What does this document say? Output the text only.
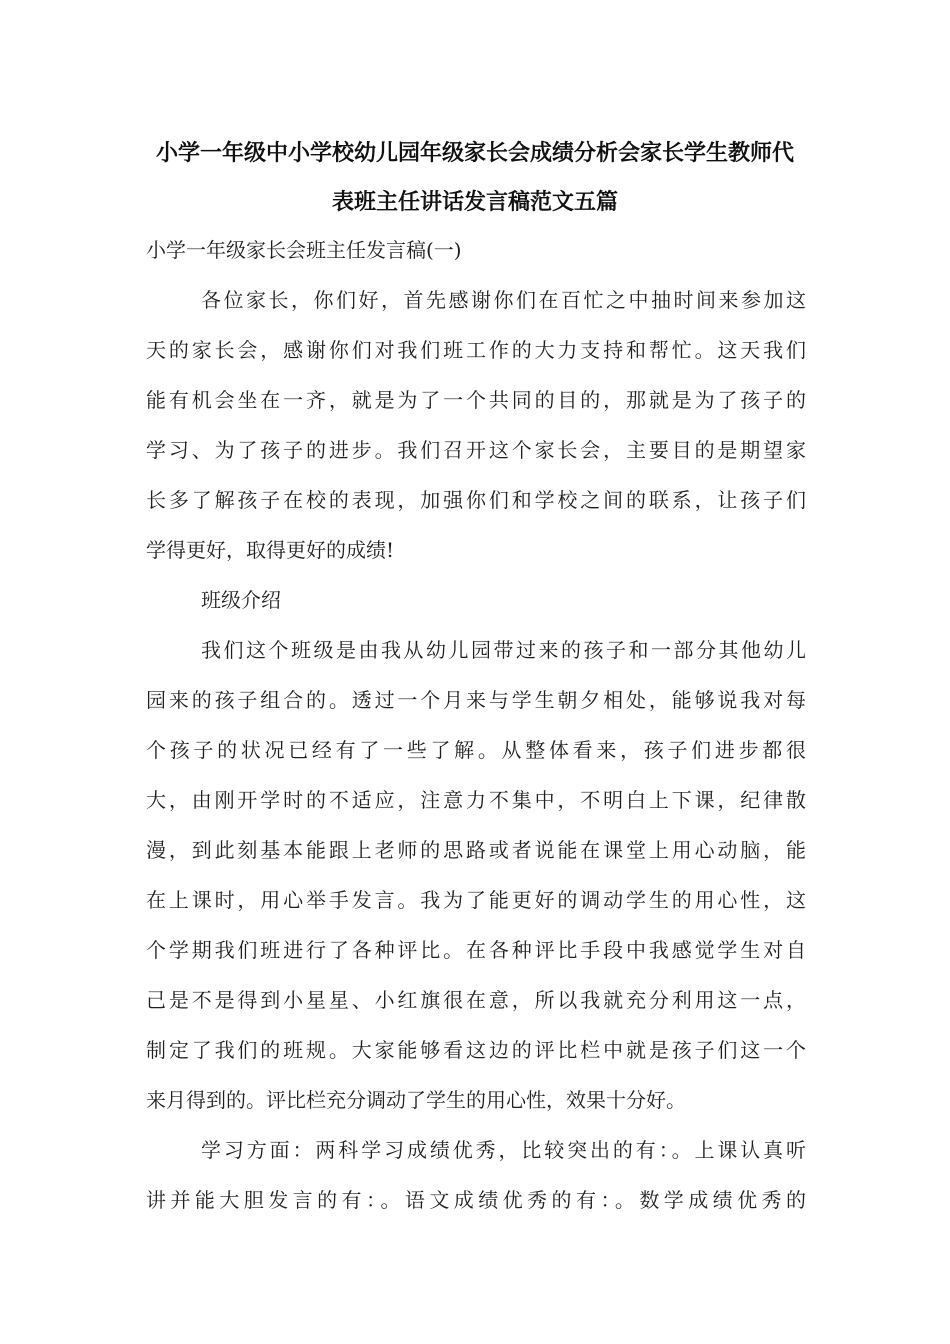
小学一年级中小学校幼儿园年级家长会成绩分析会家长学生教师代
表班主任讲话发言稿范文五篇
小学一年级家长会班主任发言稿(一)
各位家长，你们好，首先感谢你们在百忙之中抽时间来参加这
天的家长会，感谢你们对我们班工作的大力支持和帮忙。这天我们
能有机会坐在一齐，就是为了一个共同的目的，那就是为了孩子的
学习、为了孩子的进步。我们召开这个家长会，主要目的是期望家
长多了解孩子在校的表现，加强你们和学校之间的联系，让孩子们
学得更好，取得更好的成绩!
班级介绍
我们这个班级是由我从幼儿园带过来的孩子和一部分其他幼儿
园来的孩子组合的。透过一个月来与学生朝夕相处，能够说我对每
个孩子的状况已经有了一些了解。从整体看来，孩子们进步都很
大，由刚开学时的不适应，注意力不集中，不明白上下课，纪律散
漫，到此刻基本能跟上老师的思路或者说能在课堂上用心动脑，能
在上课时，用心举手发言。我为了能更好的调动学生的用心性，这
个学期我们班进行了各种评比。在各种评比手段中我感觉学生对自
己是不是得到小星星、小红旗很在意，所以我就充分利用这一点，
制定了我们的班规。大家能够看这边的评比栏中就是孩子们这一个
来月得到的。评比栏充分调动了学生的用心性，效果十分好。
学习方面：两科学习成绩优秀，比较突出的有：。上课认真听
讲并能大胆发言的有：。语文成绩优秀的有：。数学成绩优秀的
